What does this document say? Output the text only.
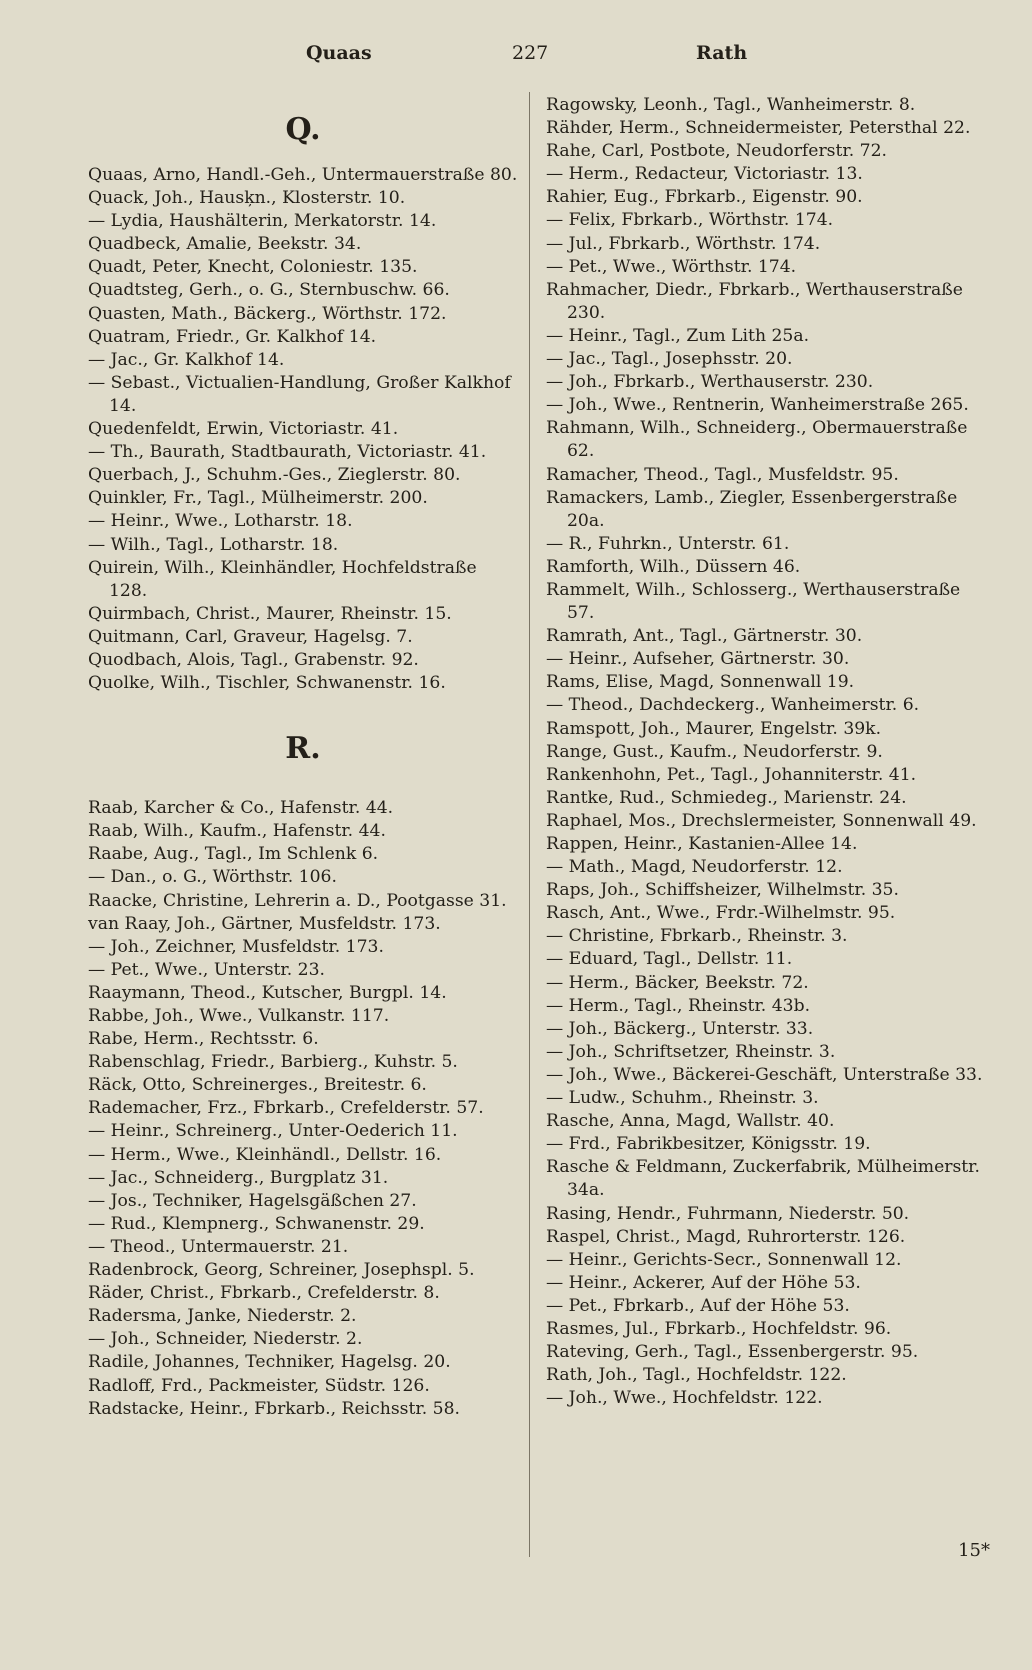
Quaas	227	Rath
Q.

Quaas, Arno, Handl.-Geh., Untermauerstraße 80.

Quack, Joh., Hausķn., Klosterstr. 10.

— Lydia, Haushälterin, Merkatorstr. 14.

Quadbeck, Amalie, Beekstr. 34.

Quadt, Peter, Knecht, Coloniestr. 135.

Quadtsteg, Gerh., o. G., Sternbuschw. 66.

Quasten, Math., Bäckerg., Wörthstr. 172.

Quatram, Friedr., Gr. Kalkhof 14.

— Jac., Gr. Kalkhof 14.

— Sebast., Victualien-Handlung, Großer Kalkhof 14.

Quedenfeldt, Erwin, Victoriastr. 41.

— Th., Baurath, Stadtbaurath, Victoriastr. 41.

Querbach, J., Schuhm.-Ges., Zieglerstr. 80.

Quinkler, Fr., Tagl., Mülheimerstr. 200.

— Heinr., Wwe., Lotharstr. 18.

— Wilh., Tagl., Lotharstr. 18.

Quirein, Wilh., Kleinhändler, Hochfeldstraße 128.

Quirmbach, Christ., Maurer, Rheinstr. 15.

Quitmann, Carl, Graveur, Hagelsg. 7.

Quodbach, Alois, Tagl., Grabenstr. 92.

Quolke, Wilh., Tischler, Schwanenstr. 16.

R.

Raab, Karcher & Co., Hafenstr. 44.

Raab, Wilh., Kaufm., Hafenstr. 44.

Raabe, Aug., Tagl., Im Schlenk 6.

— Dan., o. G., Wörthstr. 106.

Raacke, Christine, Lehrerin a. D., Pootgasse 31.

van Raay, Joh., Gärtner, Musfeldstr. 173.

— Joh., Zeichner, Musfeldstr. 173.

— Pet., Wwe., Unterstr. 23.

Raaymann, Theod., Kutscher, Burgpl. 14.

Rabbe, Joh., Wwe., Vulkanstr. 117.

Rabe, Herm., Rechtsstr. 6.

Rabenschlag, Friedr., Barbierg., Kuhstr. 5.

Räck, Otto, Schreinerges., Breitestr. 6.

Rademacher, Frz., Fbrkarb., Crefelderstr. 57.

— Heinr., Schreinerg., Unter-Oederich 11.

— Herm., Wwe., Kleinhändl., Dellstr. 16.

— Jac., Schneiderg., Burgplatz 31.

— Jos., Techniker, Hagelsgäßchen 27.

— Rud., Klempnerg., Schwanenstr. 29.

— Theod., Untermauerstr. 21.

Radenbrock, Georg, Schreiner, Josephspl. 5.

Räder, Christ., Fbrkarb., Crefelderstr. 8.

Radersma, Janke, Niederstr. 2.

— Joh., Schneider, Niederstr. 2.

Radile, Johannes, Techniker, Hagelsg. 20.

Radloff, Frd., Packmeister, Südstr. 126.

Radstacke, Heinr., Fbrkarb., Reichsstr. 58.

Ragowsky, Leonh., Tagl., Wanheimerstr. 8.

Rähder, Herm., Schneidermeister, Petersthal 22.

Rahe, Carl, Postbote, Neudorferstr. 72.

— Herm., Redacteur, Victoriastr. 13.

Rahier, Eug., Fbrkarb., Eigenstr. 90.

— Felix, Fbrkarb., Wörthstr. 174.

— Jul., Fbrkarb., Wörthstr. 174.

— Pet., Wwe., Wörthstr. 174.

Rahmacher, Diedr., Fbrkarb., Werthauserstraße 230.

— Heinr., Tagl., Zum Lith 25a.

— Jac., Tagl., Josephsstr. 20.

— Joh., Fbrkarb., Werthauserstr. 230.

— Joh., Wwe., Rentnerin, Wanheimerstraße 265.

Rahmann, Wilh., Schneiderg., Obermauerstraße 62.

Ramacher, Theod., Tagl., Musfeldstr. 95.

Ramackers, Lamb., Ziegler, Essenbergerstraße 20a.

— R., Fuhrkn., Unterstr. 61.

Ramforth, Wilh., Düssern 46.

Rammelt, Wilh., Schlosserg., Werthauserstraße 57.

Ramrath, Ant., Tagl., Gärtnerstr. 30.

— Heinr., Aufseher, Gärtnerstr. 30.

Rams, Elise, Magd, Sonnenwall 19.

— Theod., Dachdeckerg., Wanheimerstr. 6.

Ramspott, Joh., Maurer, Engelstr. 39k.

Range, Gust., Kaufm., Neudorferstr. 9.

Rankenhohn, Pet., Tagl., Johanniterstr. 41.

Rantke, Rud., Schmiedeg., Marienstr. 24.

Raphael, Mos., Drechslermeister, Sonnenwall 49.

Rappen, Heinr., Kastanien-Allee 14.

— Math., Magd, Neudorferstr. 12.

Raps, Joh., Schiffsheizer, Wilhelmstr. 35.

Rasch, Ant., Wwe., Frdr.-Wilhelmstr. 95.

— Christine, Fbrkarb., Rheinstr. 3.

— Eduard, Tagl., Dellstr. 11.

— Herm., Bäcker, Beekstr. 72.

— Herm., Tagl., Rheinstr. 43b.

— Joh., Bäckerg., Unterstr. 33.

— Joh., Schriftsetzer, Rheinstr. 3.

— Joh., Wwe., Bäckerei-Geschäft, Unterstraße 33.

— Ludw., Schuhm., Rheinstr. 3.

Rasche, Anna, Magd, Wallstr. 40.

— Frd., Fabrikbesitzer, Königsstr. 19.

Rasche & Feldmann, Zuckerfabrik, Mülheimerstr. 34a.

Rasing, Hendr., Fuhrmann, Niederstr. 50.

Raspel, Christ., Magd, Ruhrorterstr. 126.

— Heinr., Gerichts-Secr., Sonnenwall 12.

— Heinr., Ackerer, Auf der Höhe 53.

— Pet., Fbrkarb., Auf der Höhe 53.

Rasmes, Jul., Fbrkarb., Hochfeldstr. 96.

Rateving, Gerh., Tagl., Essenbergerstr. 95.

Rath, Joh., Tagl., Hochfeldstr. 122.

— Joh., Wwe., Hochfeldstr. 122.

15*
